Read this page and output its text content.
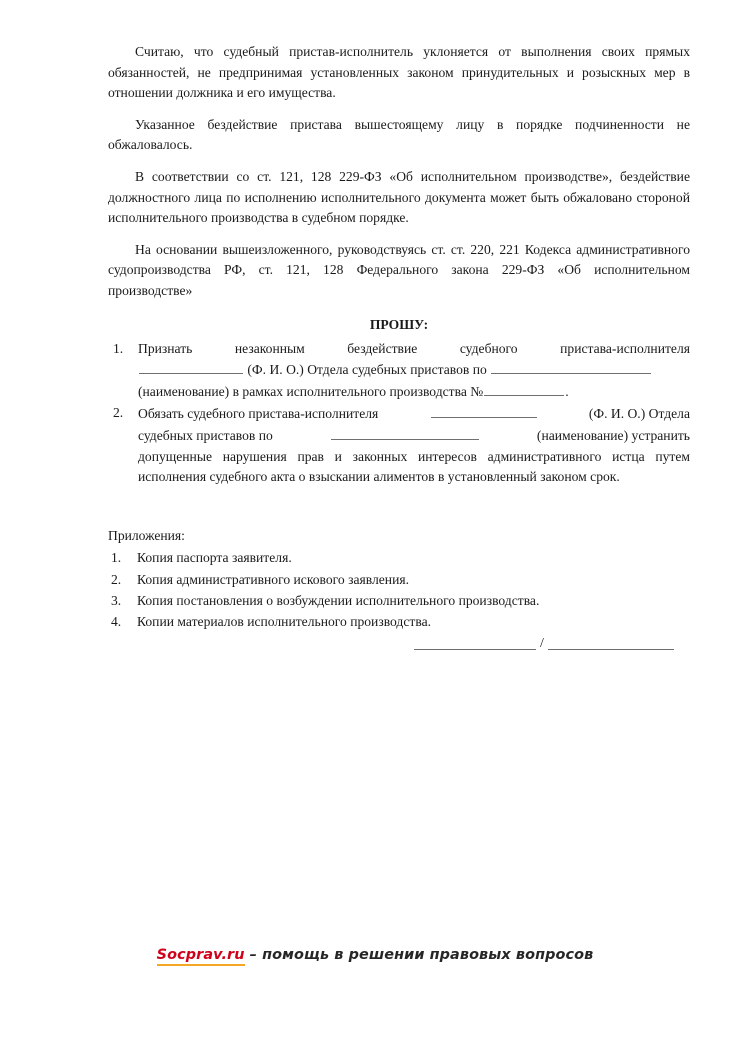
Считаю, что судебный пристав-исполнитель уклоняется от выполнения своих прямых обязанностей, не предпринимая установленных законом принудительных и розыскных мер в отношении должника и его имущества.

Указанное бездействие пристава вышестоящему лицу в порядке подчиненности не обжаловалось.

В соответствии со ст. 121, 128 229-ФЗ «Об исполнительном производстве», бездействие должностного лица по исполнению исполнительного документа может быть обжаловано стороной исполнительного производства в судебном порядке.

На основании вышеизложенного, руководствуясь ст. ст. 220, 221 Кодекса административного судопроизводства РФ, ст. 121, 128 Федерального закона 229-ФЗ «Об исполнительном производстве»

ПРОШУ:
Признать незаконным бездействие судебного пристава-исполнителя
(Ф. И. О.) Отдела судебных приставов по
(наименование) в рамках исполнительного производства №	.
Обязать судебного пристава-исполнителя	(Ф. И. О.) Отдела
судебных приставов по	(наименование) устранить
допущенные нарушения прав и законных интересов административного истца путем исполнения судебного акта о взыскании алиментов в установленный законом срок.
Приложения:
Копия паспорта заявителя.
Копия административного искового заявления.
Копия постановления о возбуждении исполнительного производства.
Копии материалов исполнительного производства.
/
Socprav.ru – помощь в решении правовых вопросов
